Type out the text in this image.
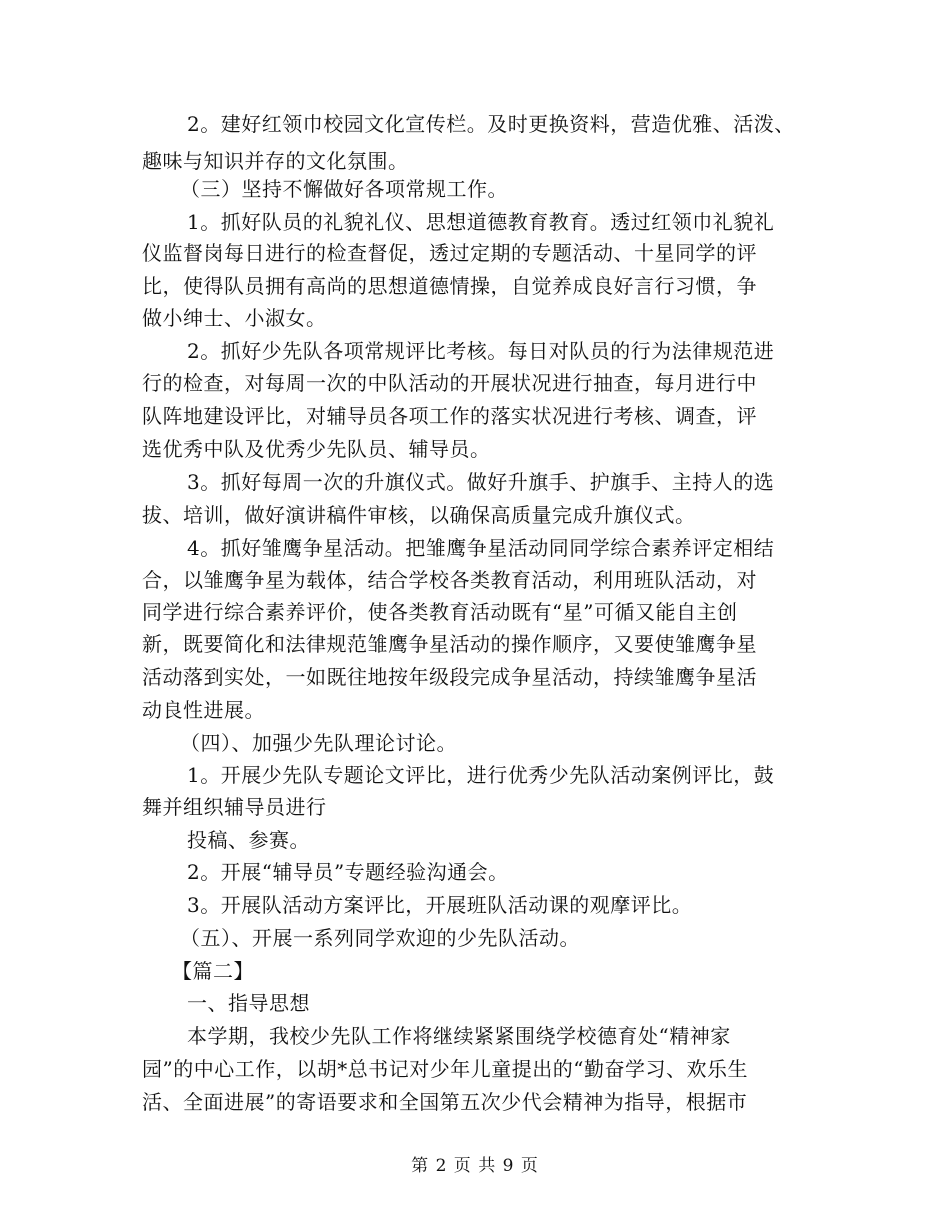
2。建好红领巾校园文化宣传栏。及时更换资料，营造优雅、活泼、
趣味与知识并存的文化氛围。
（三）坚持不懈做好各项常规工作。
1。抓好队员的礼貌礼仪、思想道德教育教育。透过红领巾礼貌礼
仪监督岗每日进行的检查督促，透过定期的专题活动、十星同学的评
比，使得队员拥有高尚的思想道德情操，自觉养成良好言行习惯，争
做小绅士、小淑女。
2。抓好少先队各项常规评比考核。每日对队员的行为法律规范进
行的检查，对每周一次的中队活动的开展状况进行抽查，每月进行中
队阵地建设评比，对辅导员各项工作的落实状况进行考核、调查，评
选优秀中队及优秀少先队员、辅导员。
3。抓好每周一次的升旗仪式。做好升旗手、护旗手、主持人的选
拔、培训，做好演讲稿件审核，以确保高质量完成升旗仪式。
4。抓好雏鹰争星活动。把雏鹰争星活动同同学综合素养评定相结
合，以雏鹰争星为载体，结合学校各类教育活动，利用班队活动，对
同学进行综合素养评价，使各类教育活动既有“星”可循又能自主创
新，既要简化和法律规范雏鹰争星活动的操作顺序，又要使雏鹰争星
活动落到实处，一如既往地按年级段完成争星活动，持续雏鹰争星活
动良性进展。
（四）、加强少先队理论讨论。
1。开展少先队专题论文评比，进行优秀少先队活动案例评比，鼓
舞并组织辅导员进行
投稿、参赛。
2。开展“辅导员”专题经验沟通会。
3。开展队活动方案评比，开展班队活动课的观摩评比。
（五）、开展一系列同学欢迎的少先队活动。
【篇二】
一、指导思想
本学期，我校少先队工作将继续紧紧围绕学校德育处“精神家
园”的中心工作，以胡*总书记对少年儿童提出的“勤奋学习、欢乐生
活、全面进展”的寄语要求和全国第五次少代会精神为指导，根据市
第 2 页 共 9 页
